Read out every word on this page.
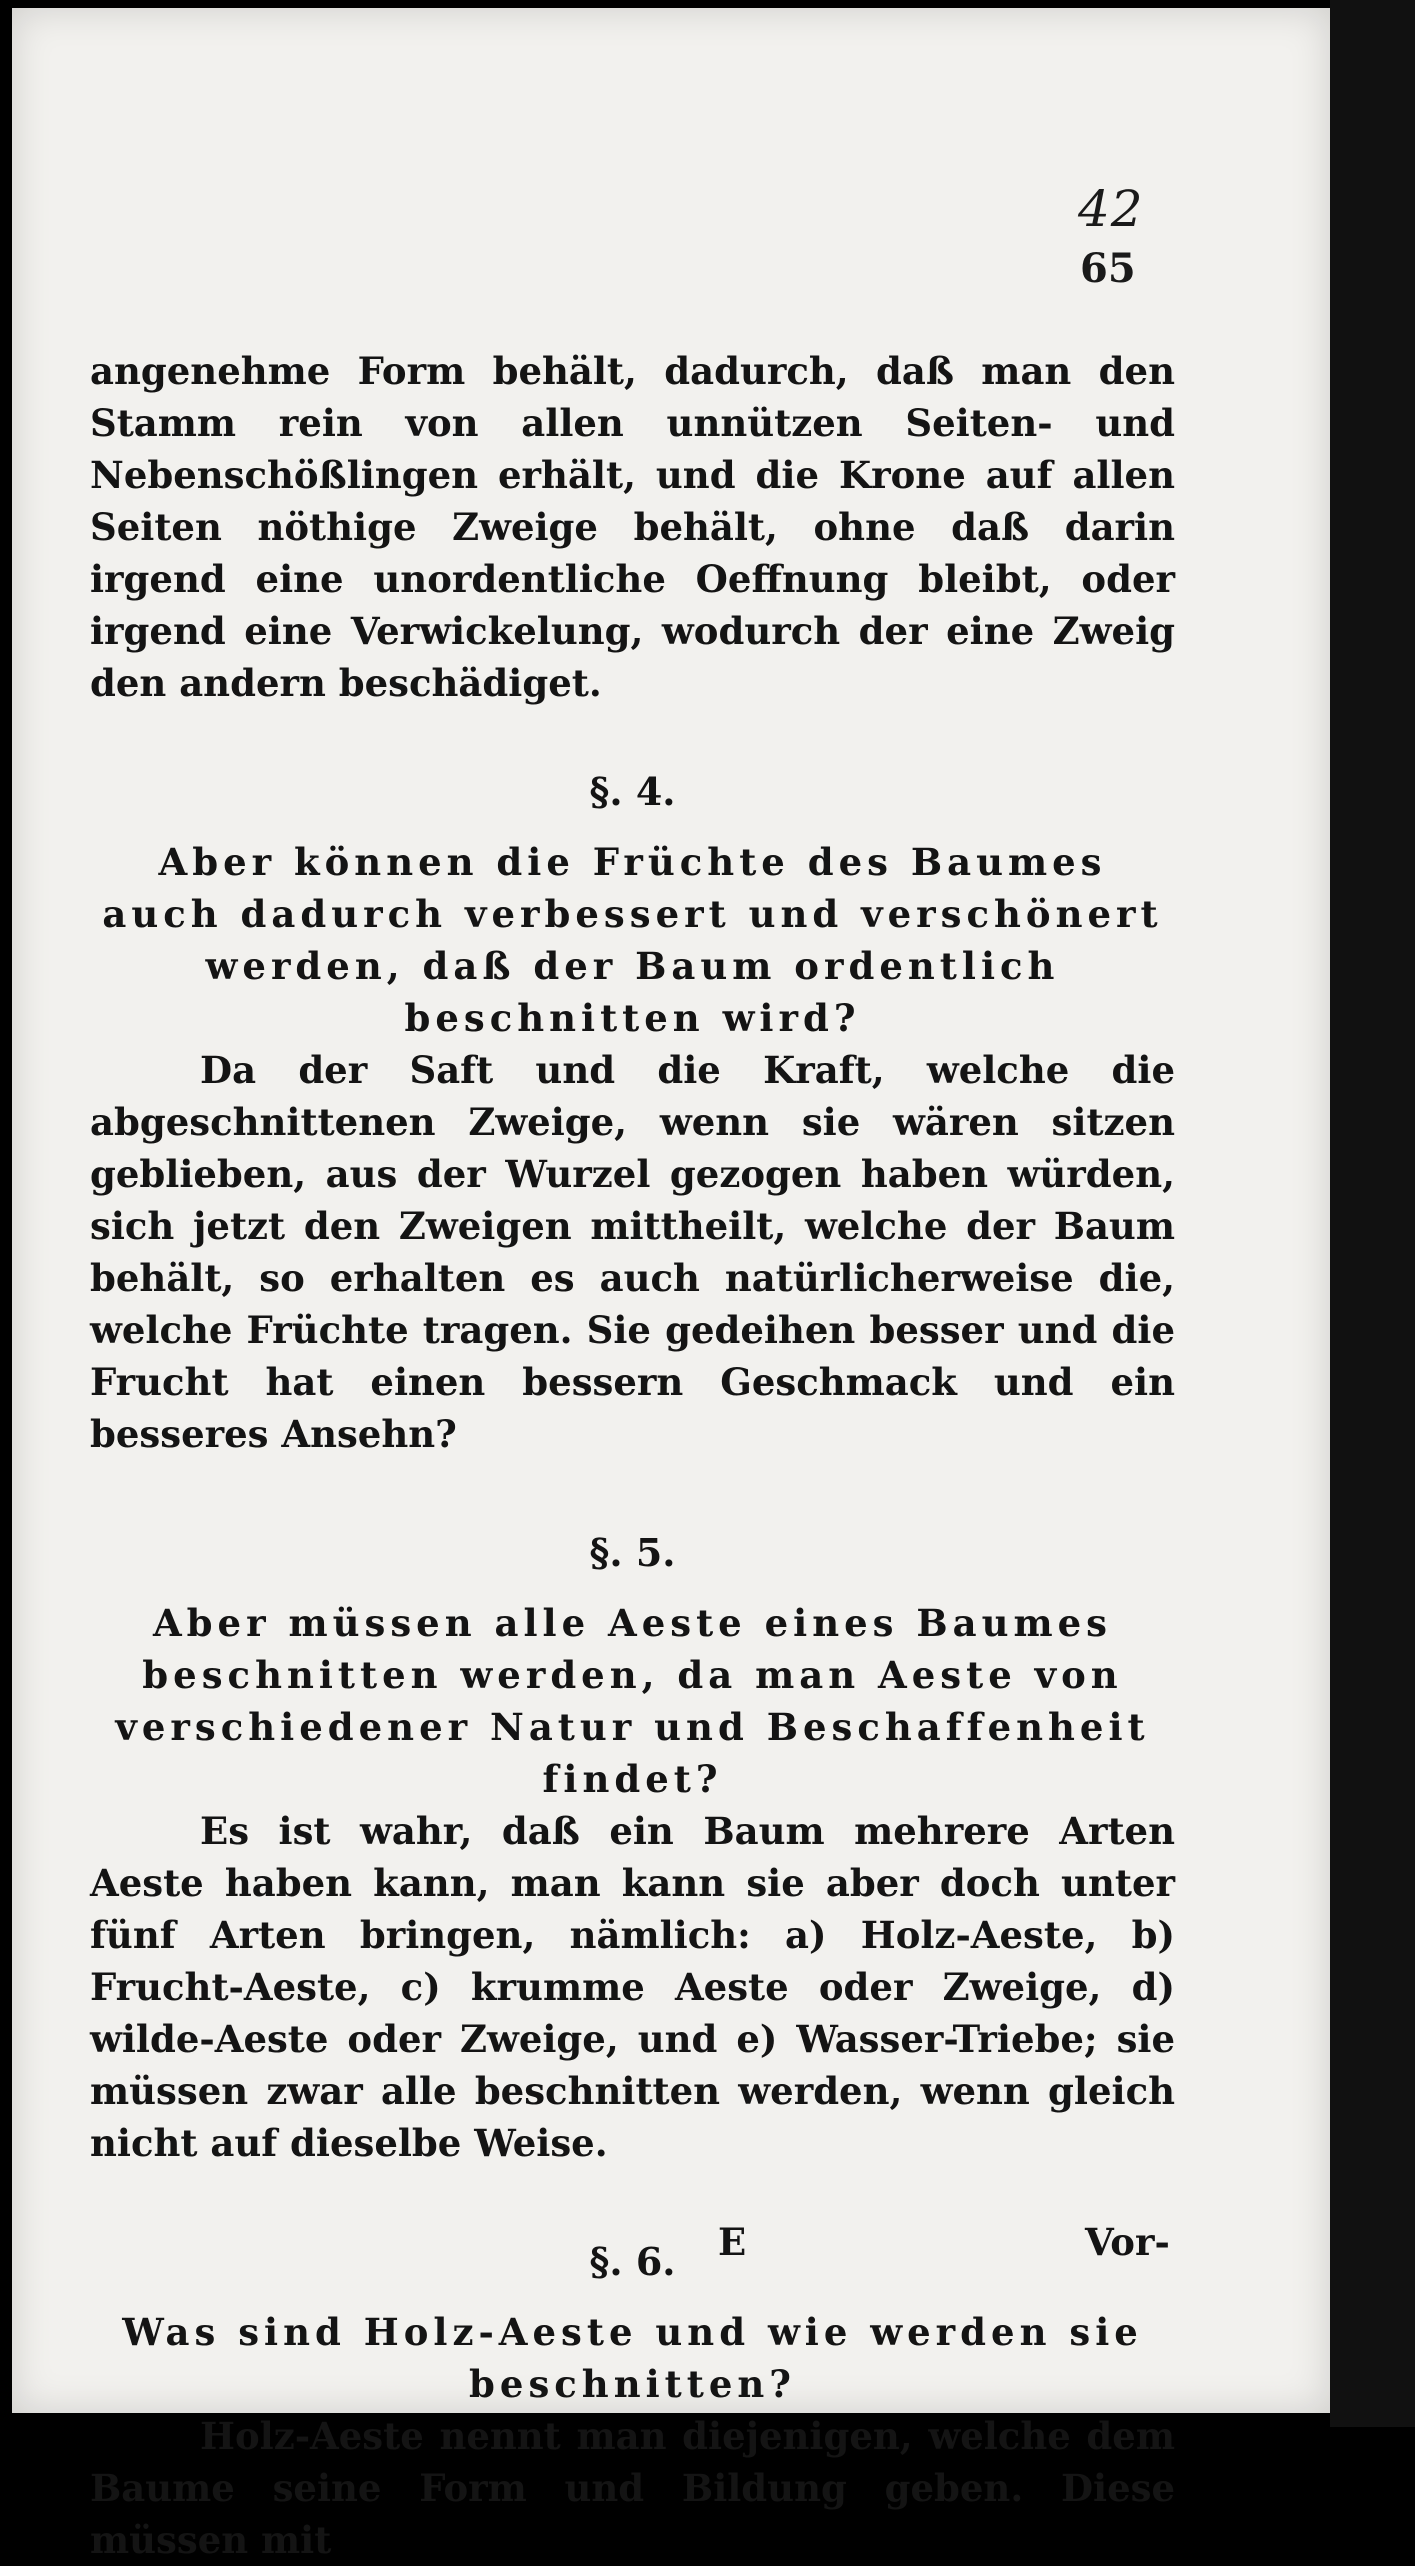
42
65

angenehme Form behält, dadurch, daß man den Stamm rein von allen unnützen Seiten- und Nebenschößlingen erhält, und die Krone auf allen Seiten nöthige Zweige behält, ohne daß darin irgend eine unordentliche Oeffnung bleibt, oder irgend eine Verwickelung, wodurch der eine Zweig den andern beschädiget.

§. 4.

Aber können die Früchte des Baumes auch dadurch verbessert und verschönert werden, daß der Baum ordentlich beschnitten wird?

Da der Saft und die Kraft, welche die abgeschnittenen Zweige, wenn sie wären sitzen geblieben, aus der Wurzel gezogen haben würden, sich jetzt den Zweigen mittheilt, welche der Baum behält, so erhalten es auch natürlicherweise die, welche Früchte tragen. Sie gedeihen besser und die Frucht hat einen bessern Geschmack und ein besseres Ansehn?

§. 5.

Aber müssen alle Aeste eines Baumes beschnitten werden, da man Aeste von verschiedener Natur und Beschaffenheit findet?

Es ist wahr, daß ein Baum mehrere Arten Aeste haben kann, man kann sie aber doch unter fünf Arten bringen, nämlich: a) Holz-Aeste, b) Frucht-Aeste, c) krumme Aeste oder Zweige, d) wilde-Aeste oder Zweige, und e) Wasser-Triebe; sie müssen zwar alle beschnitten werden, wenn gleich nicht auf dieselbe Weise.

§. 6.

Was sind Holz-Aeste und wie werden sie beschnitten?

Holz-Aeste nennt man diejenigen, welche dem Baume seine Form und Bildung geben. Diese müssen mit

E	Vor-
